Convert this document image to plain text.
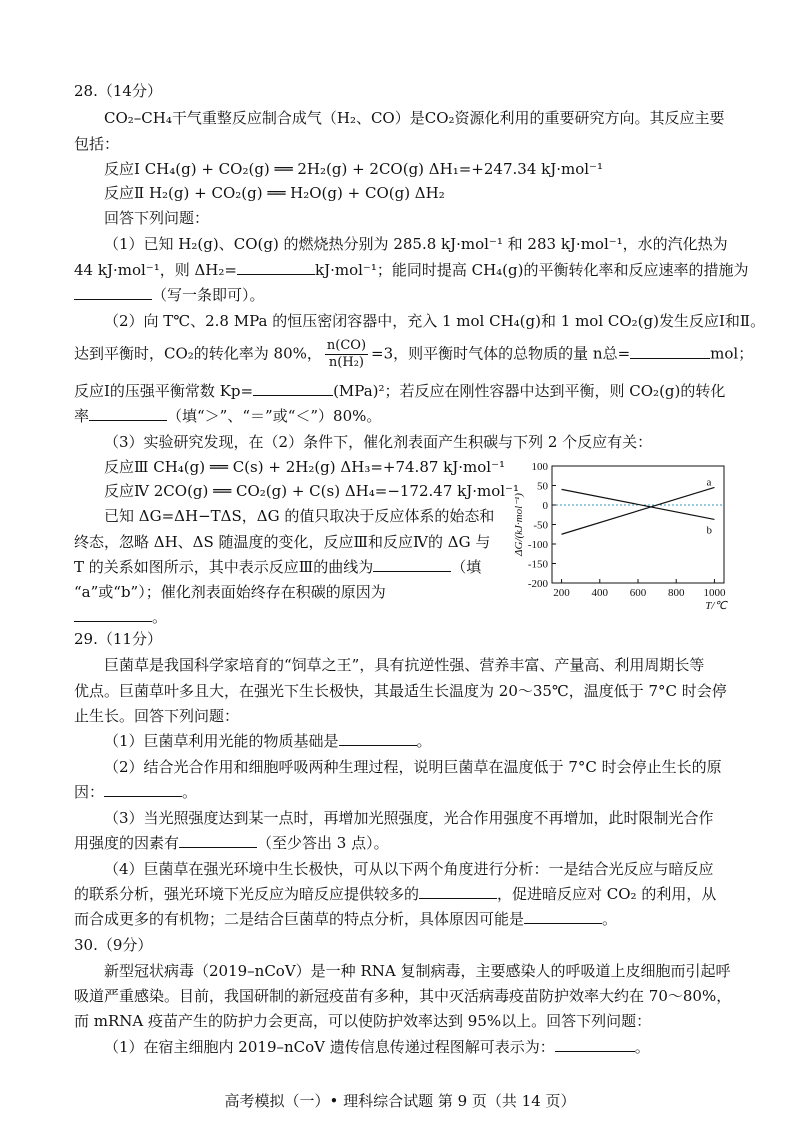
28.（14分）
CO₂–CH₄干气重整反应制合成气（H₂、CO）是CO₂资源化利用的重要研究方向。其反应主要
包括：
反应Ⅰ CH₄(g) + CO₂(g) ══ 2H₂(g) + 2CO(g) ΔH₁=+247.34 kJ·mol⁻¹
反应Ⅱ H₂(g) + CO₂(g) ══ H₂O(g) + CO(g) ΔH₂
回答下列问题：
（1）已知 H₂(g)、CO(g) 的燃烧热分别为 285.8 kJ·mol⁻¹ 和 283 kJ·mol⁻¹，水的汽化热为
44 kJ·mol⁻¹，则 ΔH₂=	kJ·mol⁻¹；能同时提高 CH₄(g)的平衡转化率和反应速率的措施为
（写一条即可）。
（2）向 T℃、2.8 MPa 的恒压密闭容器中，充入 1 mol CH₄(g)和 1 mol CO₂(g)发生反应Ⅰ和Ⅱ。
达到平衡时，CO₂的转化率为 80%， $\frac{n(CO)}{\text{n(H₂)}} =3$，则平衡时气体的总物质的量 n总=	mol；
反应Ⅰ的压强平衡常数 Kp=	(MPa)²；若反应在刚性容器中达到平衡，则 CO₂(g)的转化
率	（填“＞”、“＝”或“＜”）80%。
（3）实验研究发现，在（2）条件下，催化剂表面产生积碳与下列 2 个反应有关：
反应Ⅲ CH₄(g) ══ C(s) + 2H₂(g) ΔH₃=+74.87 kJ·mol⁻¹
反应Ⅳ 2CO(g) ══ CO₂(g) + C(s) ΔH₄=−172.47 kJ·mol⁻¹
已知 ΔG=ΔH−TΔS，ΔG 的值只取决于反应体系的始态和
终态，忽略 ΔH、ΔS 随温度的变化，反应Ⅲ和反应Ⅳ的 ΔG 与
T 的关系如图所示，其中表示反应Ⅲ的曲线为	（填
“a”或“b”）；催化剂表面始终存在积碳的原因为
。
100
50
0
-50
-100
-150
-200
200 400 600 800 1000
a
b
T/℃
ΔG/(kJ·mol⁻¹)
29.（11分）
巨菌草是我国科学家培育的“饲草之王”，具有抗逆性强、营养丰富、产量高、利用周期长等
优点。巨菌草叶多且大，在强光下生长极快，其最适生长温度为 20～35℃，温度低于 7°C 时会停
止生长。回答下列问题：
（1）巨菌草利用光能的物质基础是	。
（2）结合光合作用和细胞呼吸两种生理过程，说明巨菌草在温度低于 7°C 时会停止生长的原
因：	。
（3）当光照强度达到某一点时，再增加光照强度，光合作用强度不再增加，此时限制光合作
用强度的因素有	（至少答出 3 点）。
（4）巨菌草在强光环境中生长极快，可从以下两个角度进行分析：一是结合光反应与暗反应
的联系分析，强光环境下光反应为暗反应提供较多的	，促进暗反应对 CO₂ 的利用，从
而合成更多的有机物；二是结合巨菌草的特点分析，具体原因可能是	。
30.（9分）
新型冠状病毒（2019–nCoV）是一种 RNA 复制病毒，主要感染人的呼吸道上皮细胞而引起呼
吸道严重感染。目前，我国研制的新冠疫苗有多种，其中灭活病毒疫苗防护效率大约在 70～80%，
而 mRNA 疫苗产生的防护力会更高，可以使防护效率达到 95%以上。回答下列问题：
（1）在宿主细胞内 2019–nCoV 遗传信息传递过程图解可表示为：	。
高考模拟（一）• 理科综合试题 第 9 页（共 14 页）
